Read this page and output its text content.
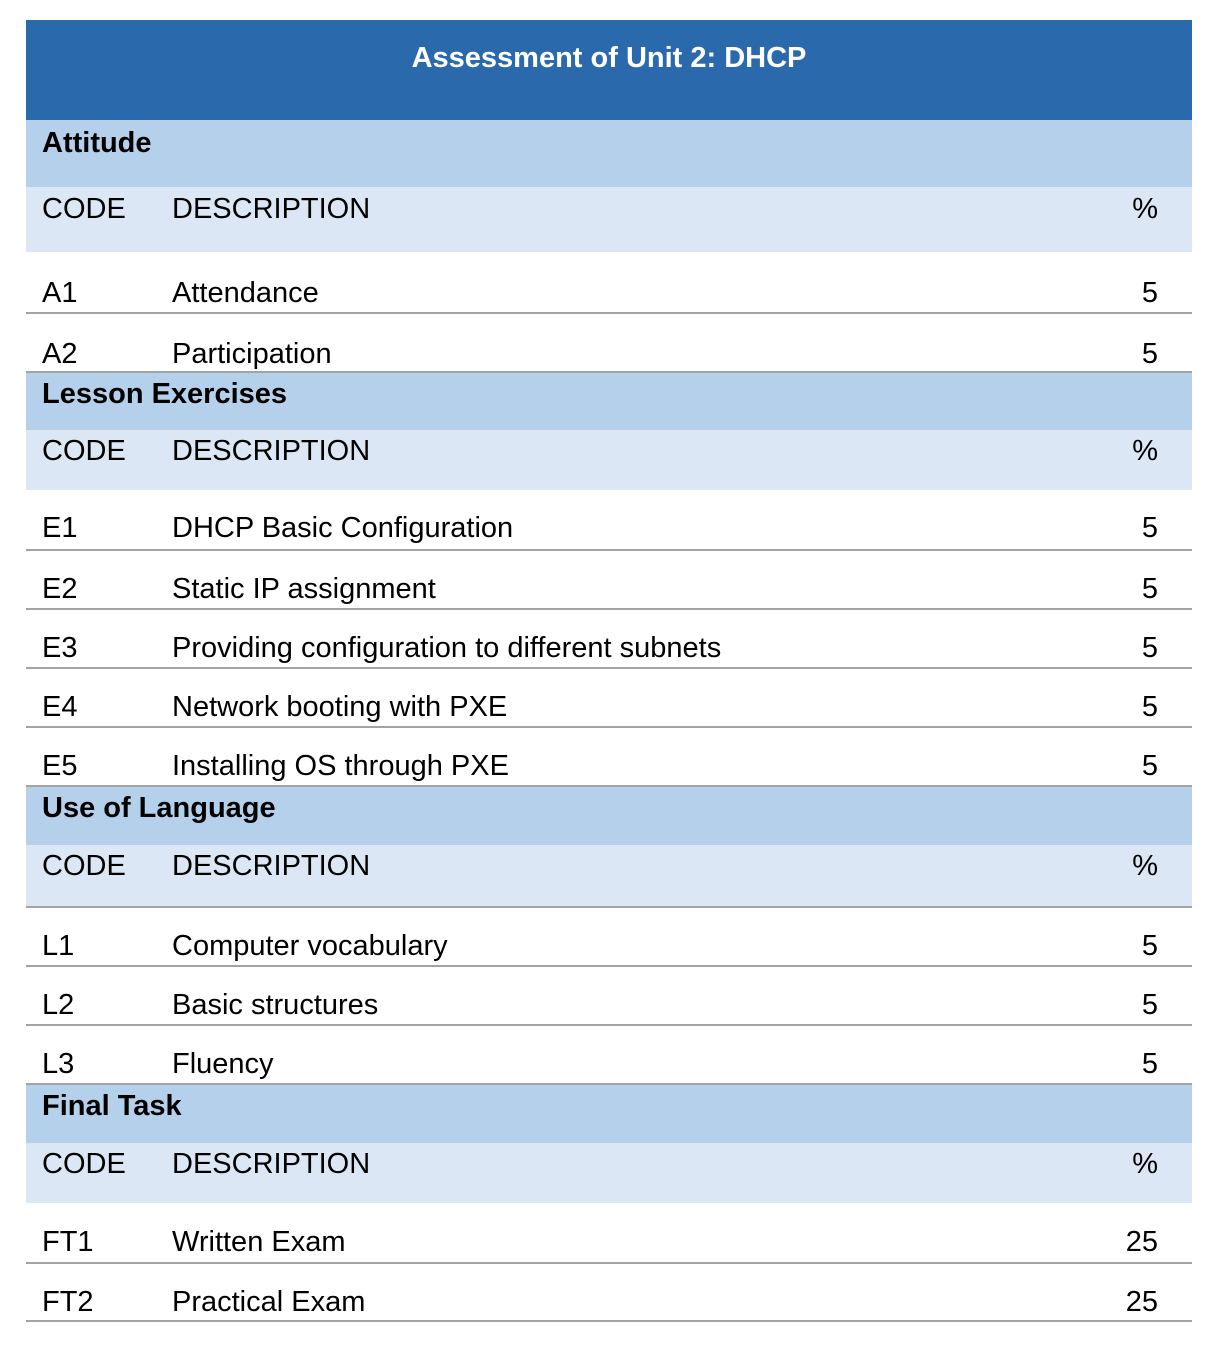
Assessment of Unit 2: DHCP
Attitude
CODE DESCRIPTION	%
A1	Attendance	5
A2	Participation	5
Lesson Exercises
CODE DESCRIPTION	%
E1	DHCP Basic Configuration	5
E2	Static IP assignment	5
E3	Providing configuration to different subnets	5
E4	Network booting with PXE	5
E5	Installing OS through PXE	5
Use of Language
CODE DESCRIPTION	%
L1	Computer vocabulary	5
L2	Basic structures	5
L3	Fluency	5
Final Task
CODE DESCRIPTION	%
FT1	Written Exam	25
FT2	Practical Exam	25
